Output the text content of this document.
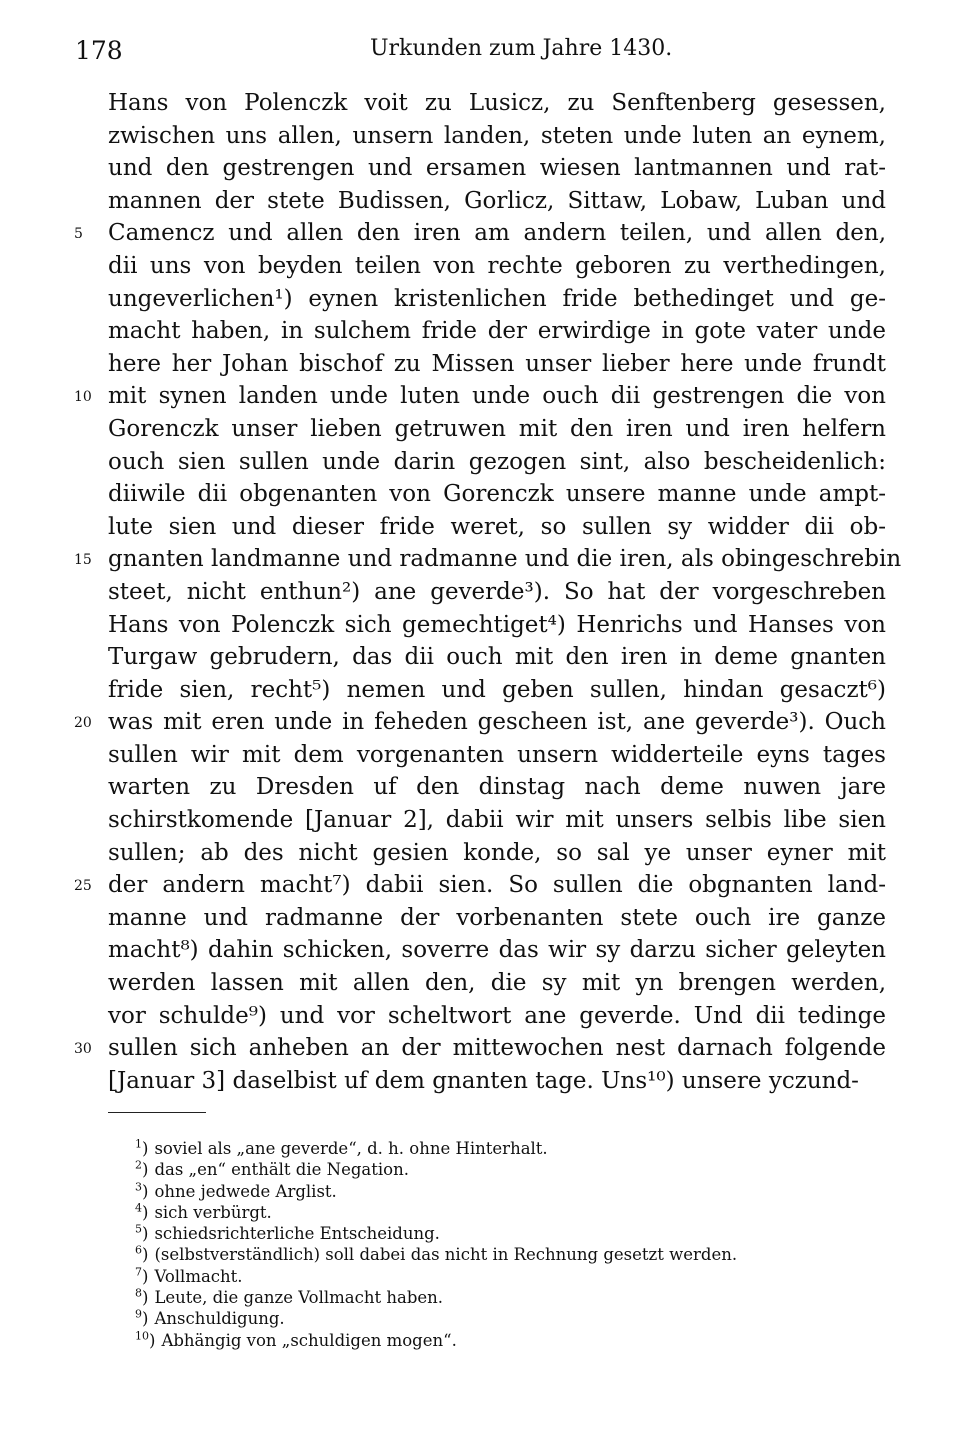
178	Urkunden zum Jahre 1430.
Hans von Polenczk voit zu Lusicz, zu Senftenberg gesessen,
zwischen uns allen, unsern landen, steten unde luten an eynem,
und den gestrengen und ersamen wiesen lantmannen und rat-
mannen der stete Budissen, Gorlicz, Sittaw, Lobaw, Luban und
5 Camencz und allen den iren am andern teilen, und allen den,
dii uns von beyden teilen von rechte geboren zu verthedingen,
ungeverlichen¹) eynen kristenlichen fride bethedinget und ge-
macht haben, in sulchem fride der erwirdige in gote vater unde
here her Johan bischof zu Missen unser lieber here unde frundt
10 mit synen landen unde luten unde ouch dii gestrengen die von
Gorenczk unser lieben getruwen mit den iren und iren helfern
ouch sien sullen unde darin gezogen sint, also bescheidenlich:
diiwile dii obgenanten von Gorenczk unsere manne unde ampt-
lute sien und dieser fride weret, so sullen sy widder dii ob-
15 gnanten landmanne und radmanne und die iren, als obingeschrebin
steet, nicht enthun²) ane geverde³). So hat der vorgeschreben
Hans von Polenczk sich gemechtiget⁴) Henrichs und Hanses von
Turgaw gebrudern, das dii ouch mit den iren in deme gnanten
fride sien, recht⁵) nemen und geben sullen, hindan gesaczt⁶)
20 was mit eren unde in feheden gescheen ist, ane geverde³). Ouch
sullen wir mit dem vorgenanten unsern widderteile eyns tages
warten zu Dresden uf den dinstag nach deme nuwen jare
schirstkomende [Januar 2], dabii wir mit unsers selbis libe sien
sullen; ab des nicht gesien konde, so sal ye unser eyner mit
25 der andern macht⁷) dabii sien. So sullen die obgnanten land-
manne und radmanne der vorbenanten stete ouch ire ganze
macht⁸) dahin schicken, soverre das wir sy darzu sicher geleyten
werden lassen mit allen den, die sy mit yn brengen werden,
vor schulde⁹) und vor scheltwort ane geverde. Und dii tedinge
30 sullen sich anheben an der mittewochen nest darnach folgende
[Januar 3] daselbist uf dem gnanten tage. Uns¹⁰) unsere yczund-
$^1$) soviel als „ane geverde“, d. h. ohne Hinterhalt.
$^2$) das „en“ enthält die Negation.
$^3$) ohne jedwede Arglist.
$^4$) sich verbürgt.
$^5$) schiedsrichterliche Entscheidung.
$^6$) (selbstverständlich) soll dabei das nicht in Rechnung gesetzt werden.
$^7$) Vollmacht.
$^8$) Leute, die ganze Vollmacht haben.
$^9$) Anschuldigung.
$^{10}$) Abhängig von „schuldigen mogen“.
